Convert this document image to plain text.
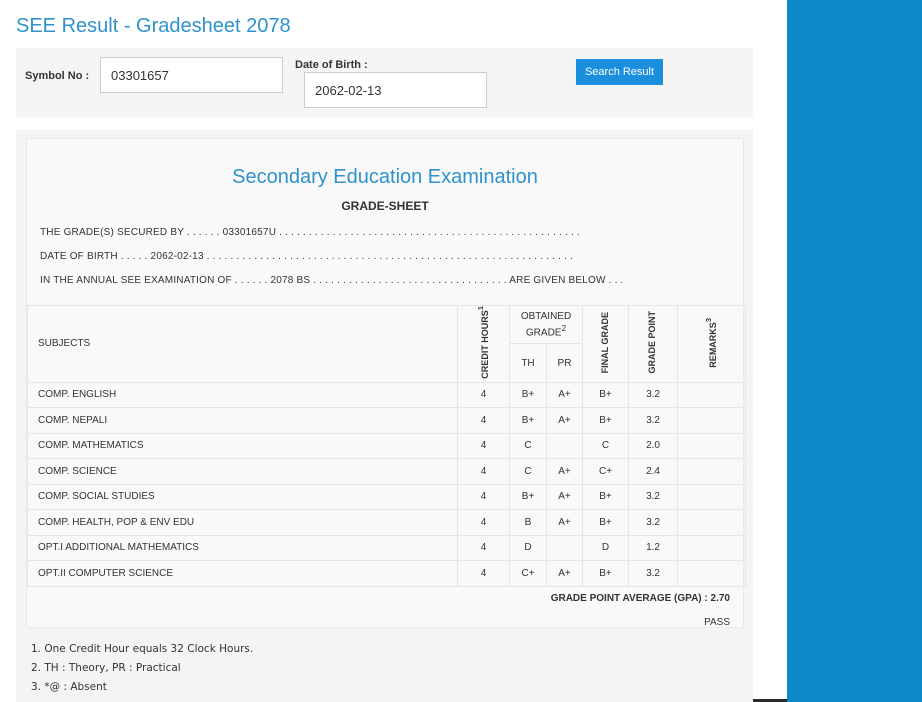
SEE Result - Gradesheet 2078
Symbol No :
03301657
Date of Birth :
2062-02-13
Search Result
Secondary Education Examination
GRADE-SHEET
THE GRADE(S) SECURED BY . . . . . . 03301657U . . . . . . . . . . . . . . . . . . . . . . . . . . . . . . . . . . . . . . . . . . . . . . . . . . .
DATE OF BIRTH . . . . . 2062-02-13 . . . . . . . . . . . . . . . . . . . . . . . . . . . . . . . . . . . . . . . . . . . . . . . . . . . . . . . . . . . . . .
IN THE ANNUAL SEE EXAMINATION OF . . . . . . 2078 BS . . . . . . . . . . . . . . . . . . . . . . . . . . . . . . . . . ARE GIVEN BELOW . . .
SUBJECTS	CREDIT HOURS$^1$	OBTAINED GRADE$^2$		FINAL GRADE	GRADE POINT	REMARKS$^3$
		TH	PR			
COMP. ENGLISH	4	B+	A+	B+	3.2	
COMP. NEPALI	4	B+	A+	B+	3.2	
COMP. MATHEMATICS	4	C		C	2.0	
COMP. SCIENCE	4	C	A+	C+	2.4	
COMP. SOCIAL STUDIES	4	B+	A+	B+	3.2	
COMP. HEALTH, POP & ENV EDU	4	B	A+	B+	3.2	
OPT.I ADDITIONAL MATHEMATICS	4	D		D	1.2	
OPT.II COMPUTER SCIENCE	4	C+	A+	B+	3.2	
GRADE POINT AVERAGE (GPA) : 2.70
PASS
1. One Credit Hour equals 32 Clock Hours.
2. TH : Theory, PR : Practical
3. *@ : Absent
